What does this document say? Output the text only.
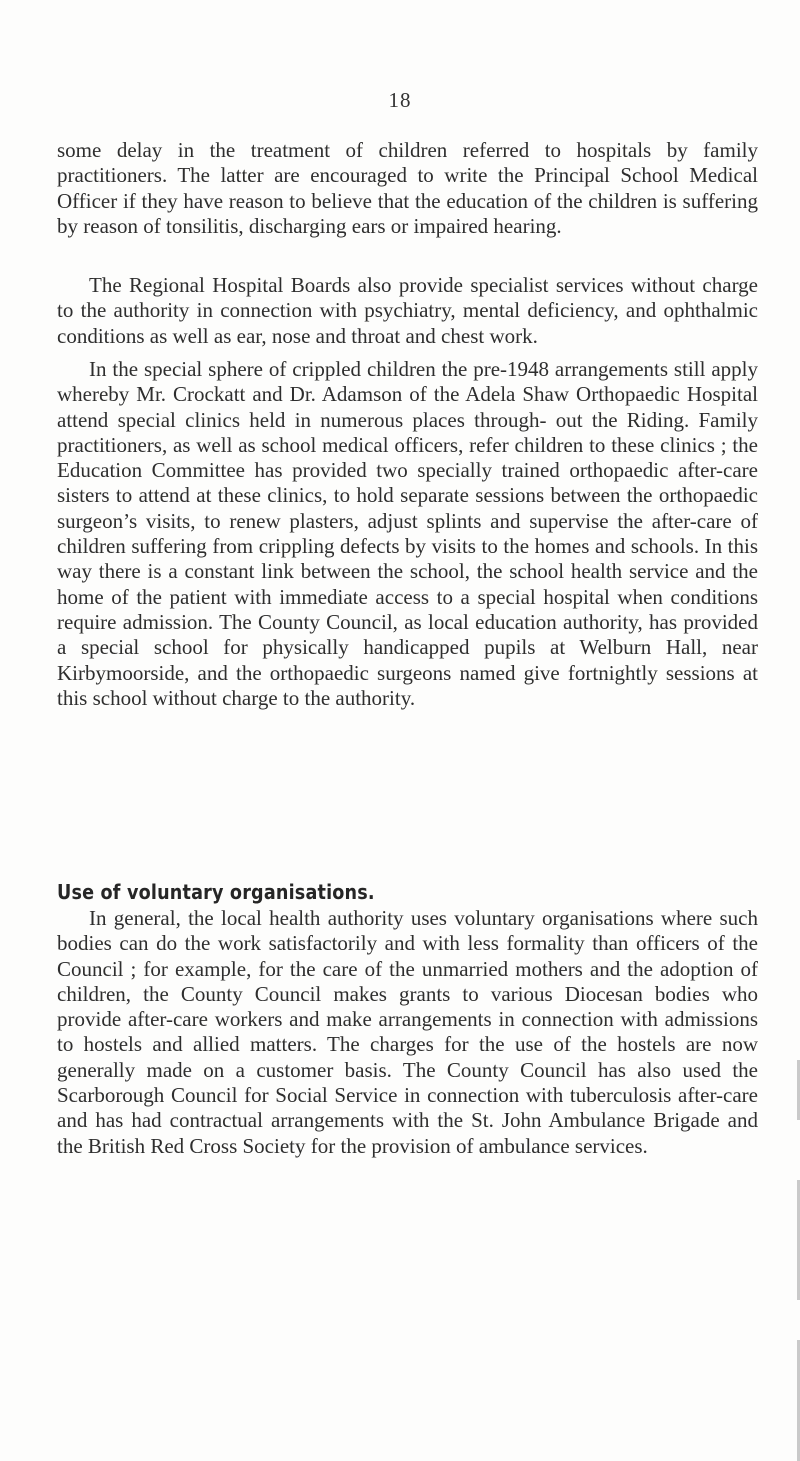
18

some delay in the treatment of children referred to hospitals by family practitioners. The latter are encouraged to write the Principal School Medical Officer if they have reason to believe that the education of the children is suffering by reason of tonsilitis, discharging ears or impaired hearing.

The Regional Hospital Boards also provide specialist services without charge to the authority in connection with psychiatry, mental deficiency, and ophthalmic conditions as well as ear, nose and throat and chest work.

In the special sphere of crippled children the pre-1948 arrangements still apply whereby Mr. Crockatt and Dr. Adamson of the Adela Shaw Orthopaedic Hospital attend special clinics held in numerous places through- out the Riding. Family practitioners, as well as school medical officers, refer children to these clinics ; the Education Committee has provided two specially trained orthopaedic after-care sisters to attend at these clinics, to hold separate sessions between the orthopaedic surgeon’s visits, to renew plasters, adjust splints and supervise the after-care of children suffering from crippling defects by visits to the homes and schools. In this way there is a constant link between the school, the school health service and the home of the patient with immediate access to a special hospital when conditions require admission. The County Council, as local education authority, has provided a special school for physically handicapped pupils at Welburn Hall, near Kirbymoorside, and the orthopaedic surgeons named give fortnightly sessions at this school without charge to the authority.

Use of voluntary organisations.

In general, the local health authority uses voluntary organisations where such bodies can do the work satisfactorily and with less formality than officers of the Council ; for example, for the care of the unmarried mothers and the adoption of children, the County Council makes grants to various Diocesan bodies who provide after-care workers and make arrangements in connection with admissions to hostels and allied matters. The charges for the use of the hostels are now generally made on a customer basis. The County Council has also used the Scarborough Council for Social Service in connection with tuberculosis after-care and has had contractual arrangements with the St. John Ambulance Brigade and the British Red Cross Society for the provision of ambulance services.
